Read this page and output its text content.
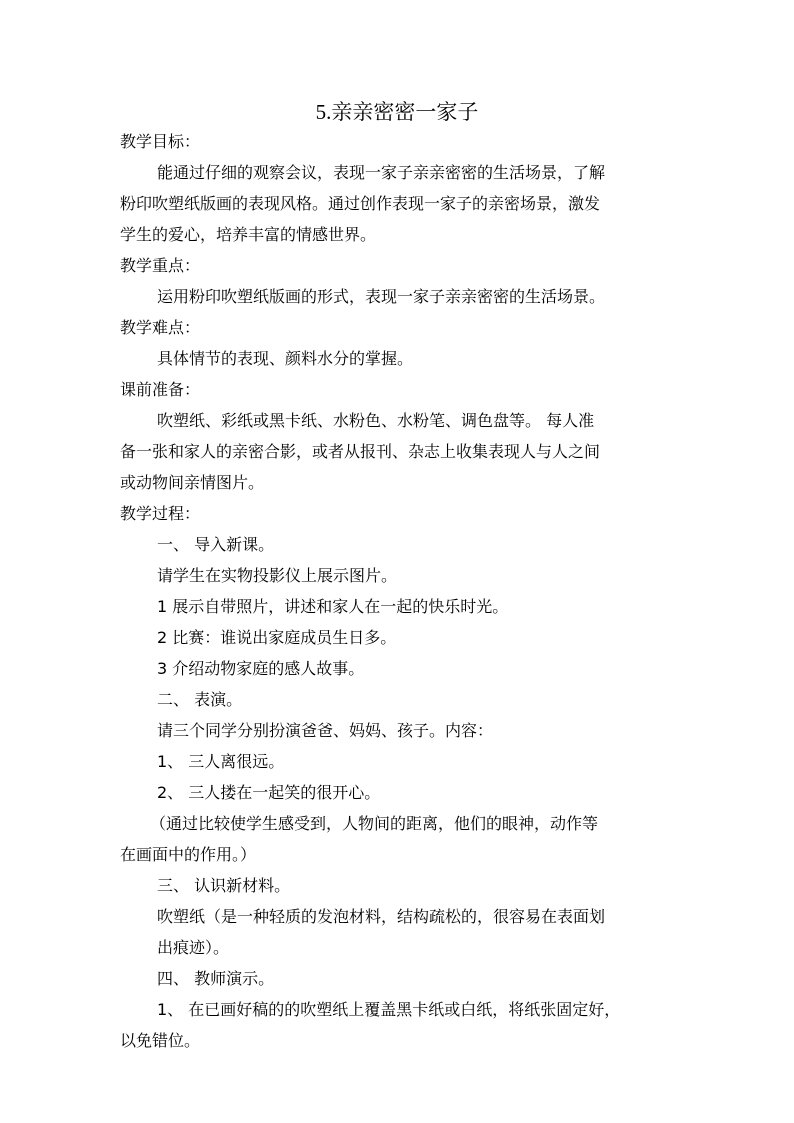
5.亲亲密密一家子

教学目标：

能通过仔细的观察会议，表现一家子亲亲密密的生活场景，了解

粉印吹塑纸版画的表现风格。通过创作表现一家子的亲密场景，激发

学生的爱心，培养丰富的情感世界。

教学重点：

运用粉印吹塑纸版画的形式，表现一家子亲亲密密的生活场景。

教学难点：

具体情节的表现、颜料水分的掌握。

课前准备：

吹塑纸、彩纸或黑卡纸、水粉色、水粉笔、调色盘等。 每人准

备一张和家人的亲密合影，或者从报刊、杂志上收集表现人与人之间

或动物间亲情图片。

教学过程：

一、 导入新课。

请学生在实物投影仪上展示图片。

1 展示自带照片，讲述和家人在一起的快乐时光。

2 比赛：谁说出家庭成员生日多。

3 介绍动物家庭的感人故事。

二、 表演。

请三个同学分别扮演爸爸、妈妈、孩子。内容：

1、 三人离很远。

2、 三人搂在一起笑的很开心。

（通过比较使学生感受到，人物间的距离，他们的眼神，动作等

在画面中的作用。）

三、 认识新材料。

吹塑纸（是一种轻质的发泡材料，结构疏松的，很容易在表面划

出痕迹）。

四、 教师演示。

1、 在已画好稿的的吹塑纸上覆盖黑卡纸或白纸，将纸张固定好，

以免错位。
